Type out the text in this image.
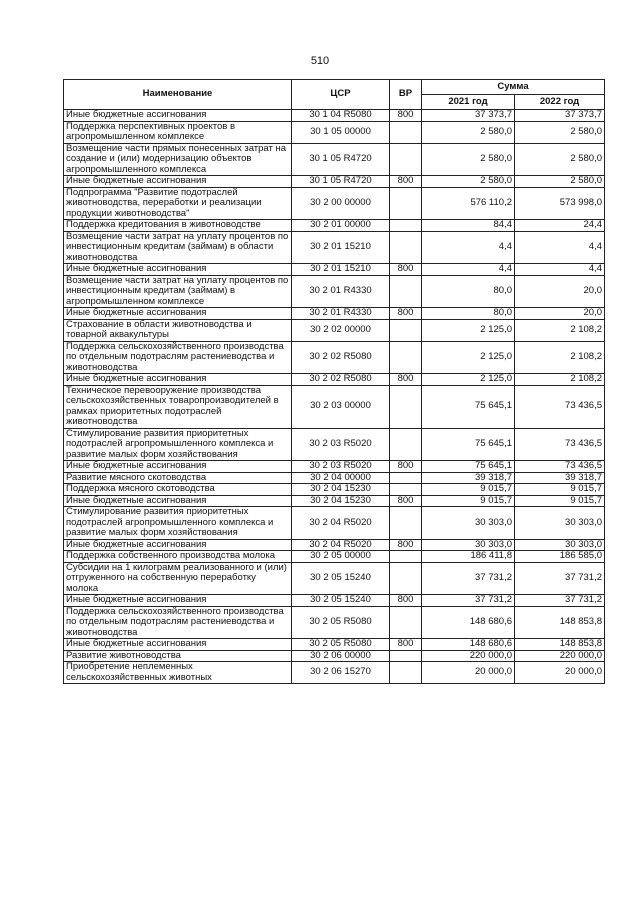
510
Наименование	ЦСР	ВР	Сумма	
			2021 год	2022 год
Иные бюджетные ассигнования	30 1 04 R5080	800	37 373,7	37 373,7
Поддержка перспективных проектов в агропромышленном комплексе	30 1 05 00000		2 580,0	2 580,0
Возмещение части прямых понесенных затрат на создание и (или) модернизацию объектов агропромышленного комплекса	30 1 05 R4720		2 580,0	2 580,0
Иные бюджетные ассигнования	30 1 05 R4720	800	2 580,0	2 580,0
Подпрограмма "Развитие подотраслей животноводства, переработки и реализации продукции животноводства"	30 2 00 00000		576 110,2	573 998,0
Поддержка кредитования в животноводстве	30 2 01 00000		84,4	24,4
Возмещение части затрат на уплату процентов по инвестиционным кредитам (займам) в области животноводства	30 2 01 15210		4,4	4,4
Иные бюджетные ассигнования	30 2 01 15210	800	4,4	4,4
Возмещение части затрат на уплату процентов по инвестиционным кредитам (займам) в агропромышленном комплексе	30 2 01 R4330		80,0	20,0
Иные бюджетные ассигнования	30 2 01 R4330	800	80,0	20,0
Страхование в области животноводства и товарной аквакультуры	30 2 02 00000		2 125,0	2 108,2
Поддержка сельскохозяйственного производства по отдельным подотраслям растениеводства и животноводства	30 2 02 R5080		2 125,0	2 108,2
Иные бюджетные ассигнования	30 2 02 R5080	800	2 125,0	2 108,2
Техническое перевооружение производства сельскохозяйственных товаропроизводителей в рамках приоритетных подотраслей животноводства	30 2 03 00000		75 645,1	73 436,5
Стимулирование развития приоритетных подотраслей агропромышленного комплекса и развитие малых форм хозяйствования	30 2 03 R5020		75 645,1	73 436,5
Иные бюджетные ассигнования	30 2 03 R5020	800	75 645,1	73 436,5
Развитие мясного скотоводства	30 2 04 00000		39 318,7	39 318,7
Поддержка мясного скотоводства	30 2 04 15230		9 015,7	9 015,7
Иные бюджетные ассигнования	30 2 04 15230	800	9 015,7	9 015,7
Стимулирование развития приоритетных подотраслей агропромышленного комплекса и развитие малых форм хозяйствования	30 2 04 R5020		30 303,0	30 303,0
Иные бюджетные ассигнования	30 2 04 R5020	800	30 303,0	30 303,0
Поддержка собственного производства молока	30 2 05 00000		186 411,8	186 585,0
Субсидии на 1 килограмм реализованного и (или) отгруженного на собственную переработку молока	30 2 05 15240		37 731,2	37 731,2
Иные бюджетные ассигнования	30 2 05 15240	800	37 731,2	37 731,2
Поддержка сельскохозяйственного производства по отдельным подотраслям растениеводства и животноводства	30 2 05 R5080		148 680,6	148 853,8
Иные бюджетные ассигнования	30 2 05 R5080	800	148 680,6	148 853,8
Развитие животноводства	30 2 06 00000		220 000,0	220 000,0
Приобретение неплеменных сельскохозяйственных животных	30 2 06 15270		20 000,0	20 000,0
